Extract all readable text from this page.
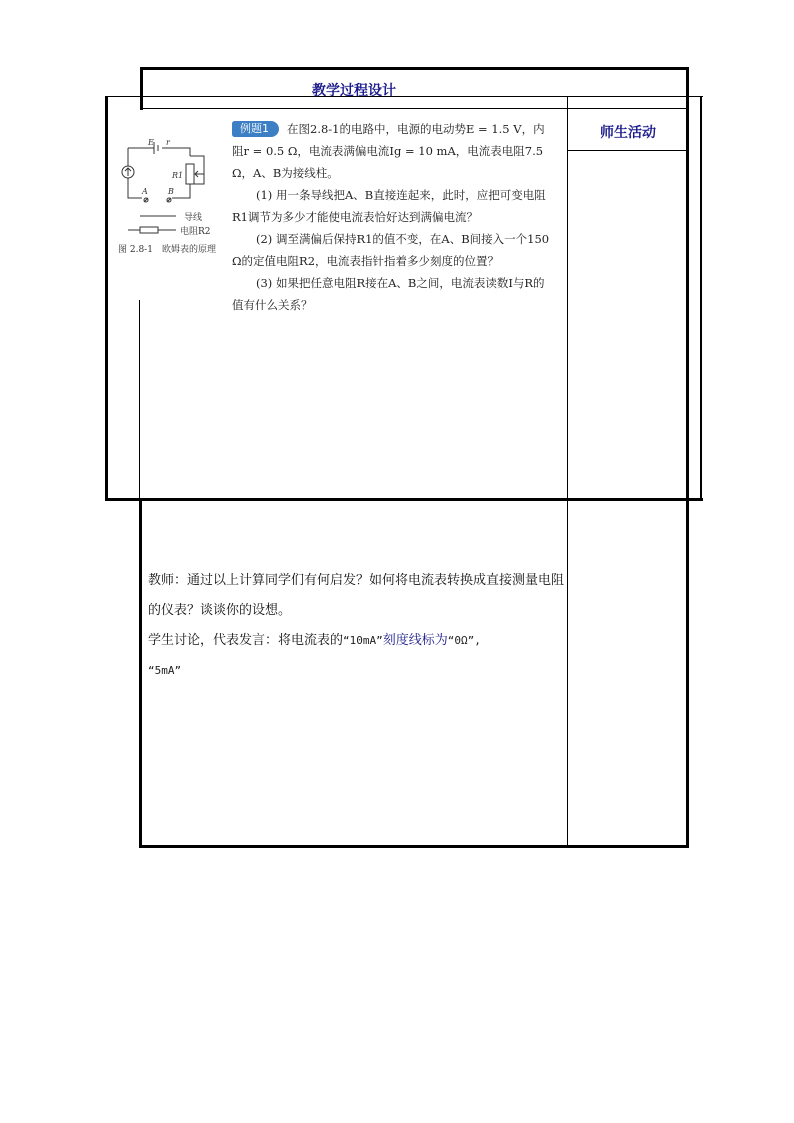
教学过程设计
师生活动
E r
R1
A	B
导线
电阻R2
图 2.8-1　欧姆表的原理

例题1 在图2.8-1的电路中，电源的电动势E = 1.5 V，内阻r = 0.5 Ω，电流表满偏电流Ig = 10 mA，电流表电阻7.5 Ω，A、B为接线柱。

(1) 用一条导线把A、B直接连起来，此时，应把可变电阻R1调节为多少才能使电流表恰好达到满偏电流？

(2) 调至满偏后保持R1的值不变，在A、B间接入一个150 Ω的定值电阻R2，电流表指针指着多少刻度的位置？

(3) 如果把任意电阻R接在A、B之间，电流表读数I与R的值有什么关系？

教师：通过以上计算同学们有何启发？如何将电流表转换成直接测量电阻的仪表？谈谈你的设想。

学生讨论，代表发言：将电流表的“10mA”刻度线标为“0Ω”,

“5mA”
